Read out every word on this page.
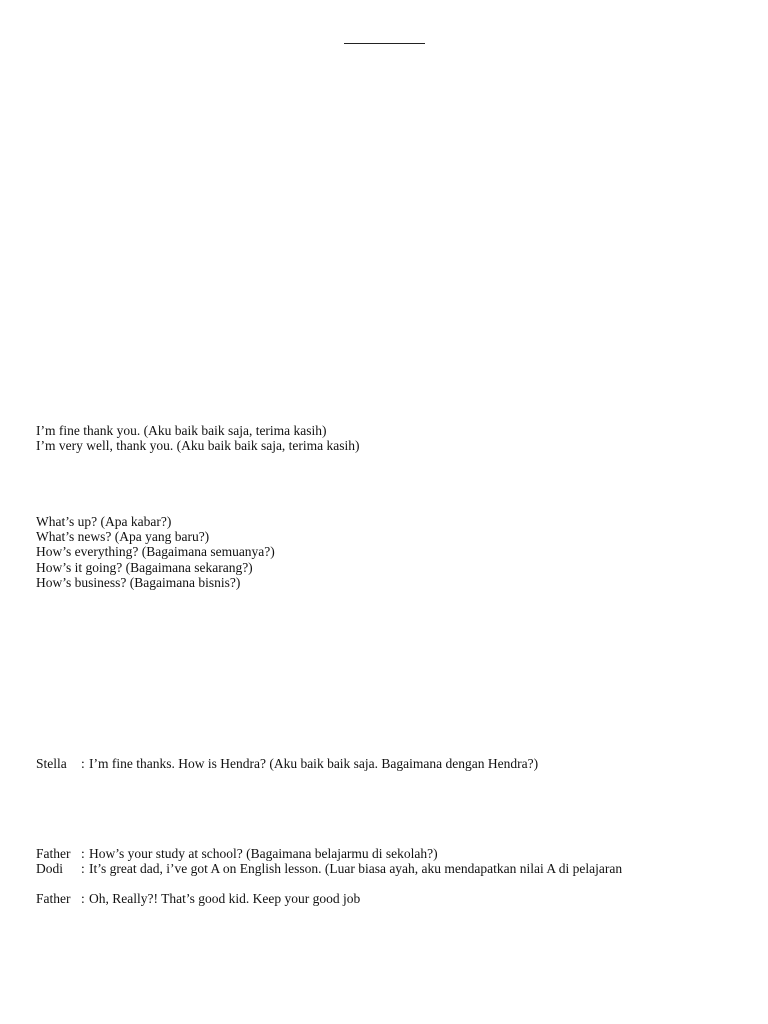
I’m fine thank you. (Aku baik baik saja, terima kasih)
I’m very well, thank you. (Aku baik baik saja, terima kasih)
What’s up? (Apa kabar?)
What’s news? (Apa yang baru?)
How’s everything? (Bagaimana semuanya?)
How’s it going? (Bagaimana sekarang?)
How’s business? (Bagaimana bisnis?)
Stella : I’m fine thanks. How is Hendra? (Aku baik baik saja. Bagaimana dengan Hendra?)
Father : How’s your study at school? (Bagaimana belajarmu di sekolah?)
Dodi : It’s great dad, i’ve got A on English lesson. (Luar biasa ayah, aku mendapatkan nilai A di pelajaran
Father : Oh, Really?! That’s good kid. Keep your good job
